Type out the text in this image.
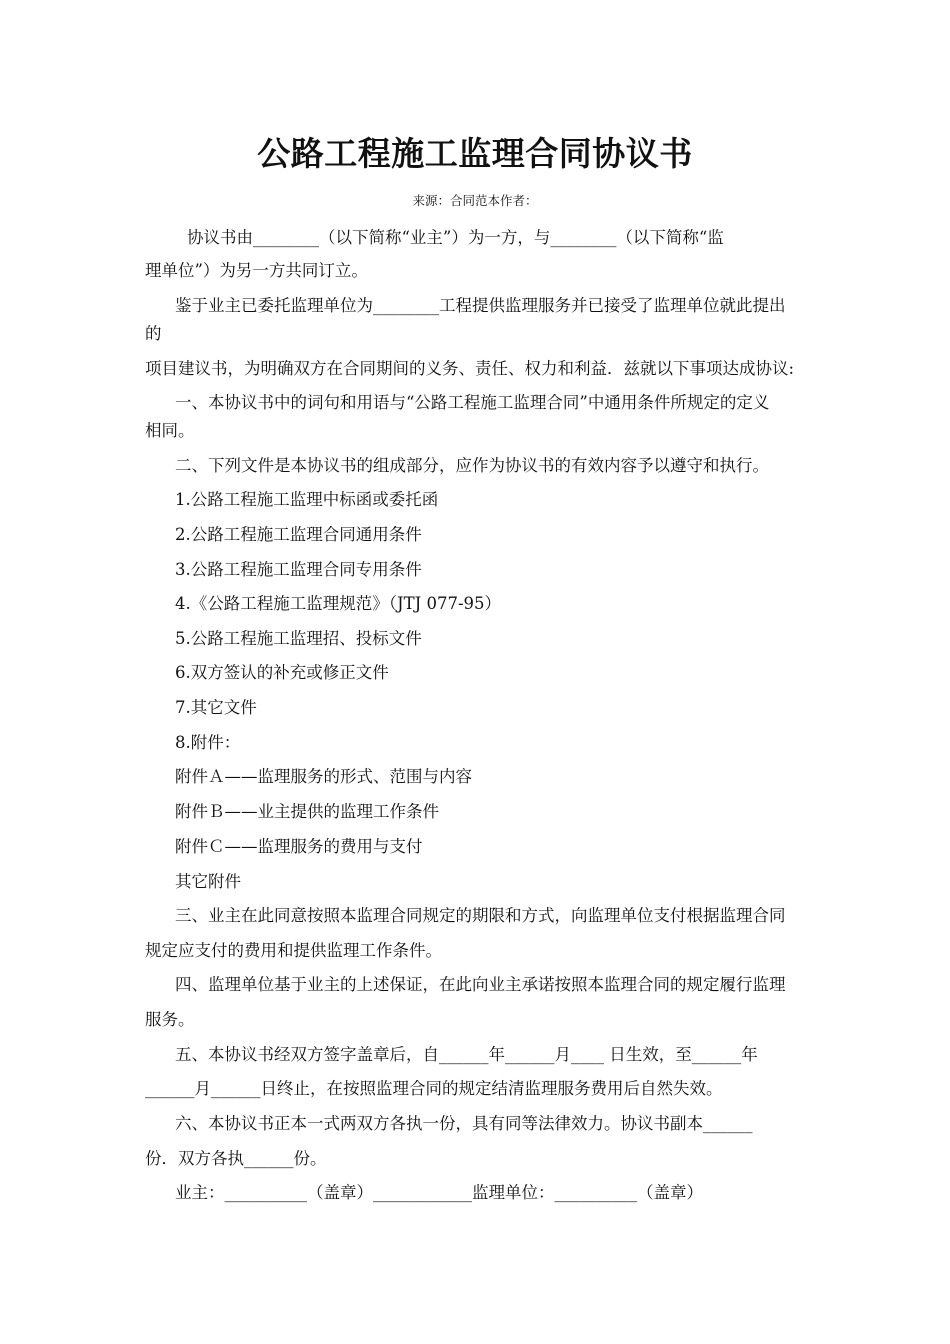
公路工程施工监理合同协议书
来源：合同范本作者：
协议书由________（以下简称“业主”）为一方，与________（以下简称“监
理单位”）为另一方共同订立。
鉴于业主已委托监理单位为________工程提供监理服务并已接受了监理单位就此提出
的
项目建议书，为明确双方在合同期间的义务、责任、权力和利益．兹就以下事项达成协议:
一、本协议书中的词句和用语与“公路工程施工监理合同”中通用条件所规定的定义
相同。
二、下列文件是本协议书的组成部分，应作为协议书的有效内容予以遵守和执行。
1.公路工程施工监理中标函或委托函
2.公路工程施工监理合同通用条件
3.公路工程施工监理合同专用条件
4.《公路工程施工监理规范》（JTJ 077-95）
5.公路工程施工监理招、投标文件
6.双方签认的补充或修正文件
7.其它文件
8.附件：
附件Ａ——监理服务的形式、范围与内容
附件Ｂ——业主提供的监理工作条件
附件Ｃ——监理服务的费用与支付
其它附件
三、业主在此同意按照本监理合同规定的期限和方式，向监理单位支付根据监理合同
规定应支付的费用和提供监理工作条件。
四、监理单位基于业主的上述保证，在此向业主承诺按照本监理合同的规定履行监理
服务。
五、本协议书经双方签字盖章后，自______年______月____ 日生效，至______年
______月______日终止，在按照监理合同的规定结清监理服务费用后自然失效。
六、本协议书正本一式两双方各执一份，具有同等法律效力。协议书副本______
份．双方各执______份。
业主：__________（盖章）____________监理单位：__________（盖章）
